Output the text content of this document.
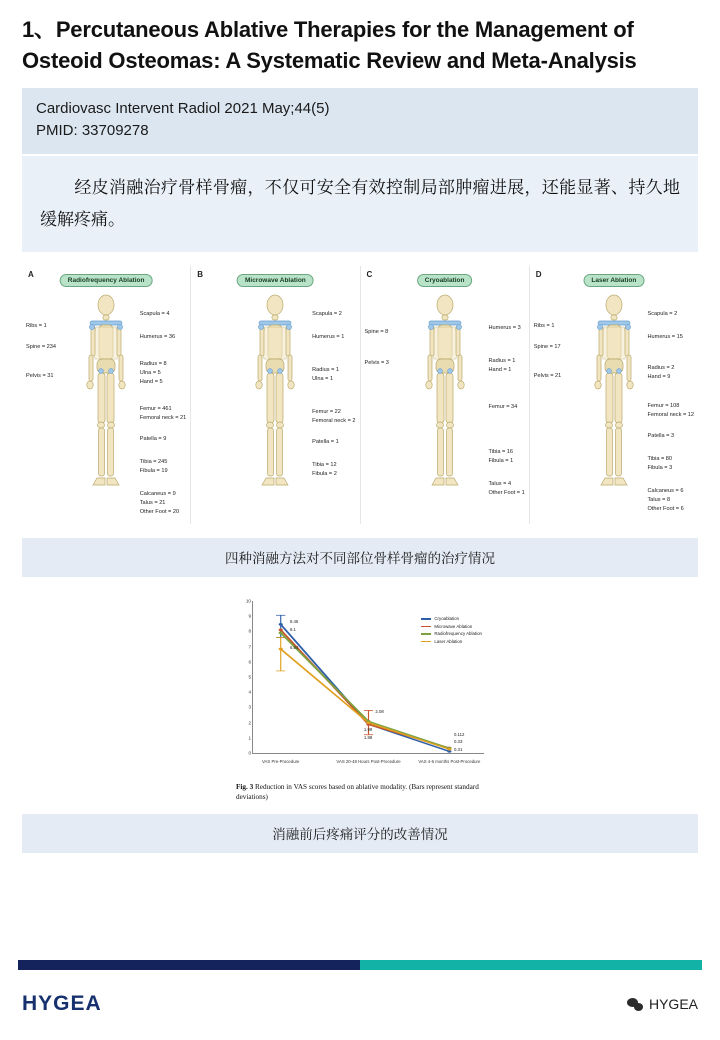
1、Percutaneous Ablative Therapies for the Management of Osteoid Osteomas: A Systematic Review and Meta-Analysis
Cardiovasc Intervent Radiol 2021 May;44(5)
PMID: 33709278
经皮消融治疗骨样骨瘤，不仅可安全有效控制局部肿瘤进展，还能显著、持久地缓解疼痛。
A
Radiofrequency Ablation
Ribs = 1
Spine = 234
Pelvis = 31
Scapula = 4
Humerus = 36
Radius = 8
Ulna = 5
Hand = 5
Femur = 461
Femoral neck = 21
Patella = 9
Tibia = 245
Fibula = 19
Calcaneus = 9
Talus = 21
Other Foot = 20
B
Microwave Ablation
Scapula = 2
Humerus = 1
Radius = 1
Ulna = 1
Femur = 22
Femoral neck = 2
Patella = 1
Tibia = 12
Fibula = 2
C
Cryoablation
Spine = 8
Pelvis = 3
Humerus = 3
Radius = 1
Hand = 1
Femur = 34
Tibia = 16
Fibula = 1
Talus = 4
Other Foot = 1
D
Laser Ablation
Ribs = 1
Spine = 17
Pelvis = 21
Scapula = 2
Humerus = 15
Radius = 2
Hand = 9
Femur = 108
Femoral neck = 12
Patella = 3
Tibia = 80
Fibula = 3
Calcaneus = 6
Talus = 8
Other Foot = 6
四种消融方法对不同部位骨样骨瘤的治疗情况
0
1
2
3
4
5
6
7
8
9
10
VAS Pre-Procedure	VAS 20-48 Hours Post-Procedure	VAS 4-6 months Post-Procedure
8.46
8.1
6.84
2.08
1.99
1.88
0.112
0.33
0.31
Cryoablation
Microwave Ablation
Radiofrequency Ablation
Laser Ablation
Fig. 3 Reduction in VAS scores based on ablative modality. (Bars represent standard deviations)
消融前后疼痛评分的改善情况
HYGEA	HYGEA
